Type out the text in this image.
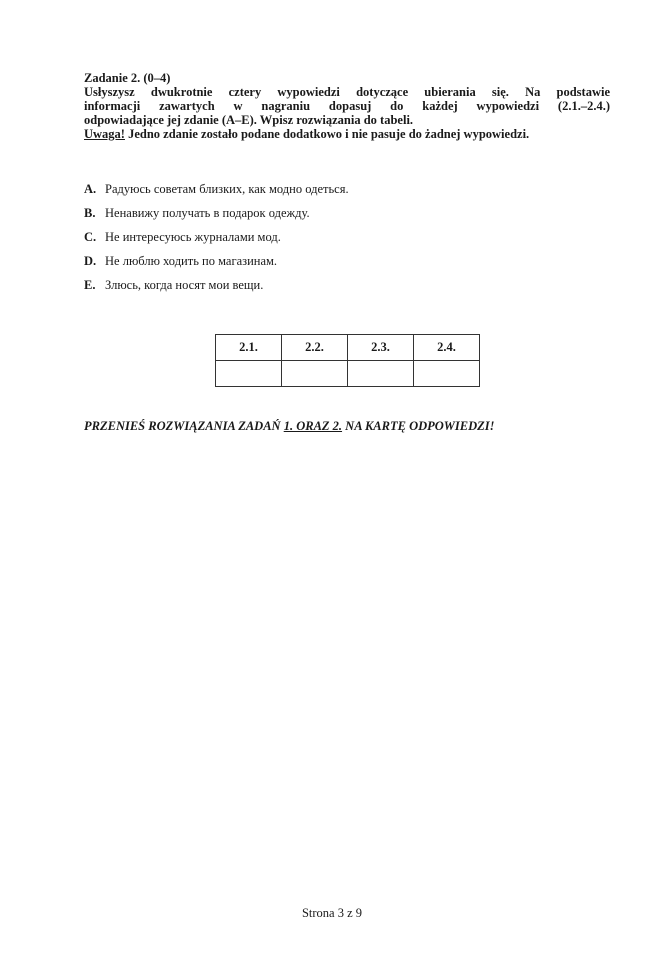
Zadanie 2. (0–4)

Usłyszysz dwukrotnie cztery wypowiedzi dotyczące ubierania się. Na podstawie

informacji zawartych w nagraniu dopasuj do każdej wypowiedzi (2.1.–2.4.)

odpowiadające jej zdanie (A–E). Wpisz rozwiązania do tabeli.

Uwaga! Jedno zdanie zostało podane dodatkowo i nie pasuje do żadnej wypowiedzi.

A. Радуюсь советам близких, как модно одеться.
B. Ненавижу получать в подарок одежду.
C. Не интересуюсь журналами мод.
D. Не люблю ходить по магазинам.
E. Злюсь, когда носят мои вещи.
2.1.	2.2.	2.3.	2.4.

PRZENIEŚ ROZWIĄZANIA ZADAŃ 1. ORAZ 2. NA KARTĘ ODPOWIEDZI!
Strona 3 z 9
